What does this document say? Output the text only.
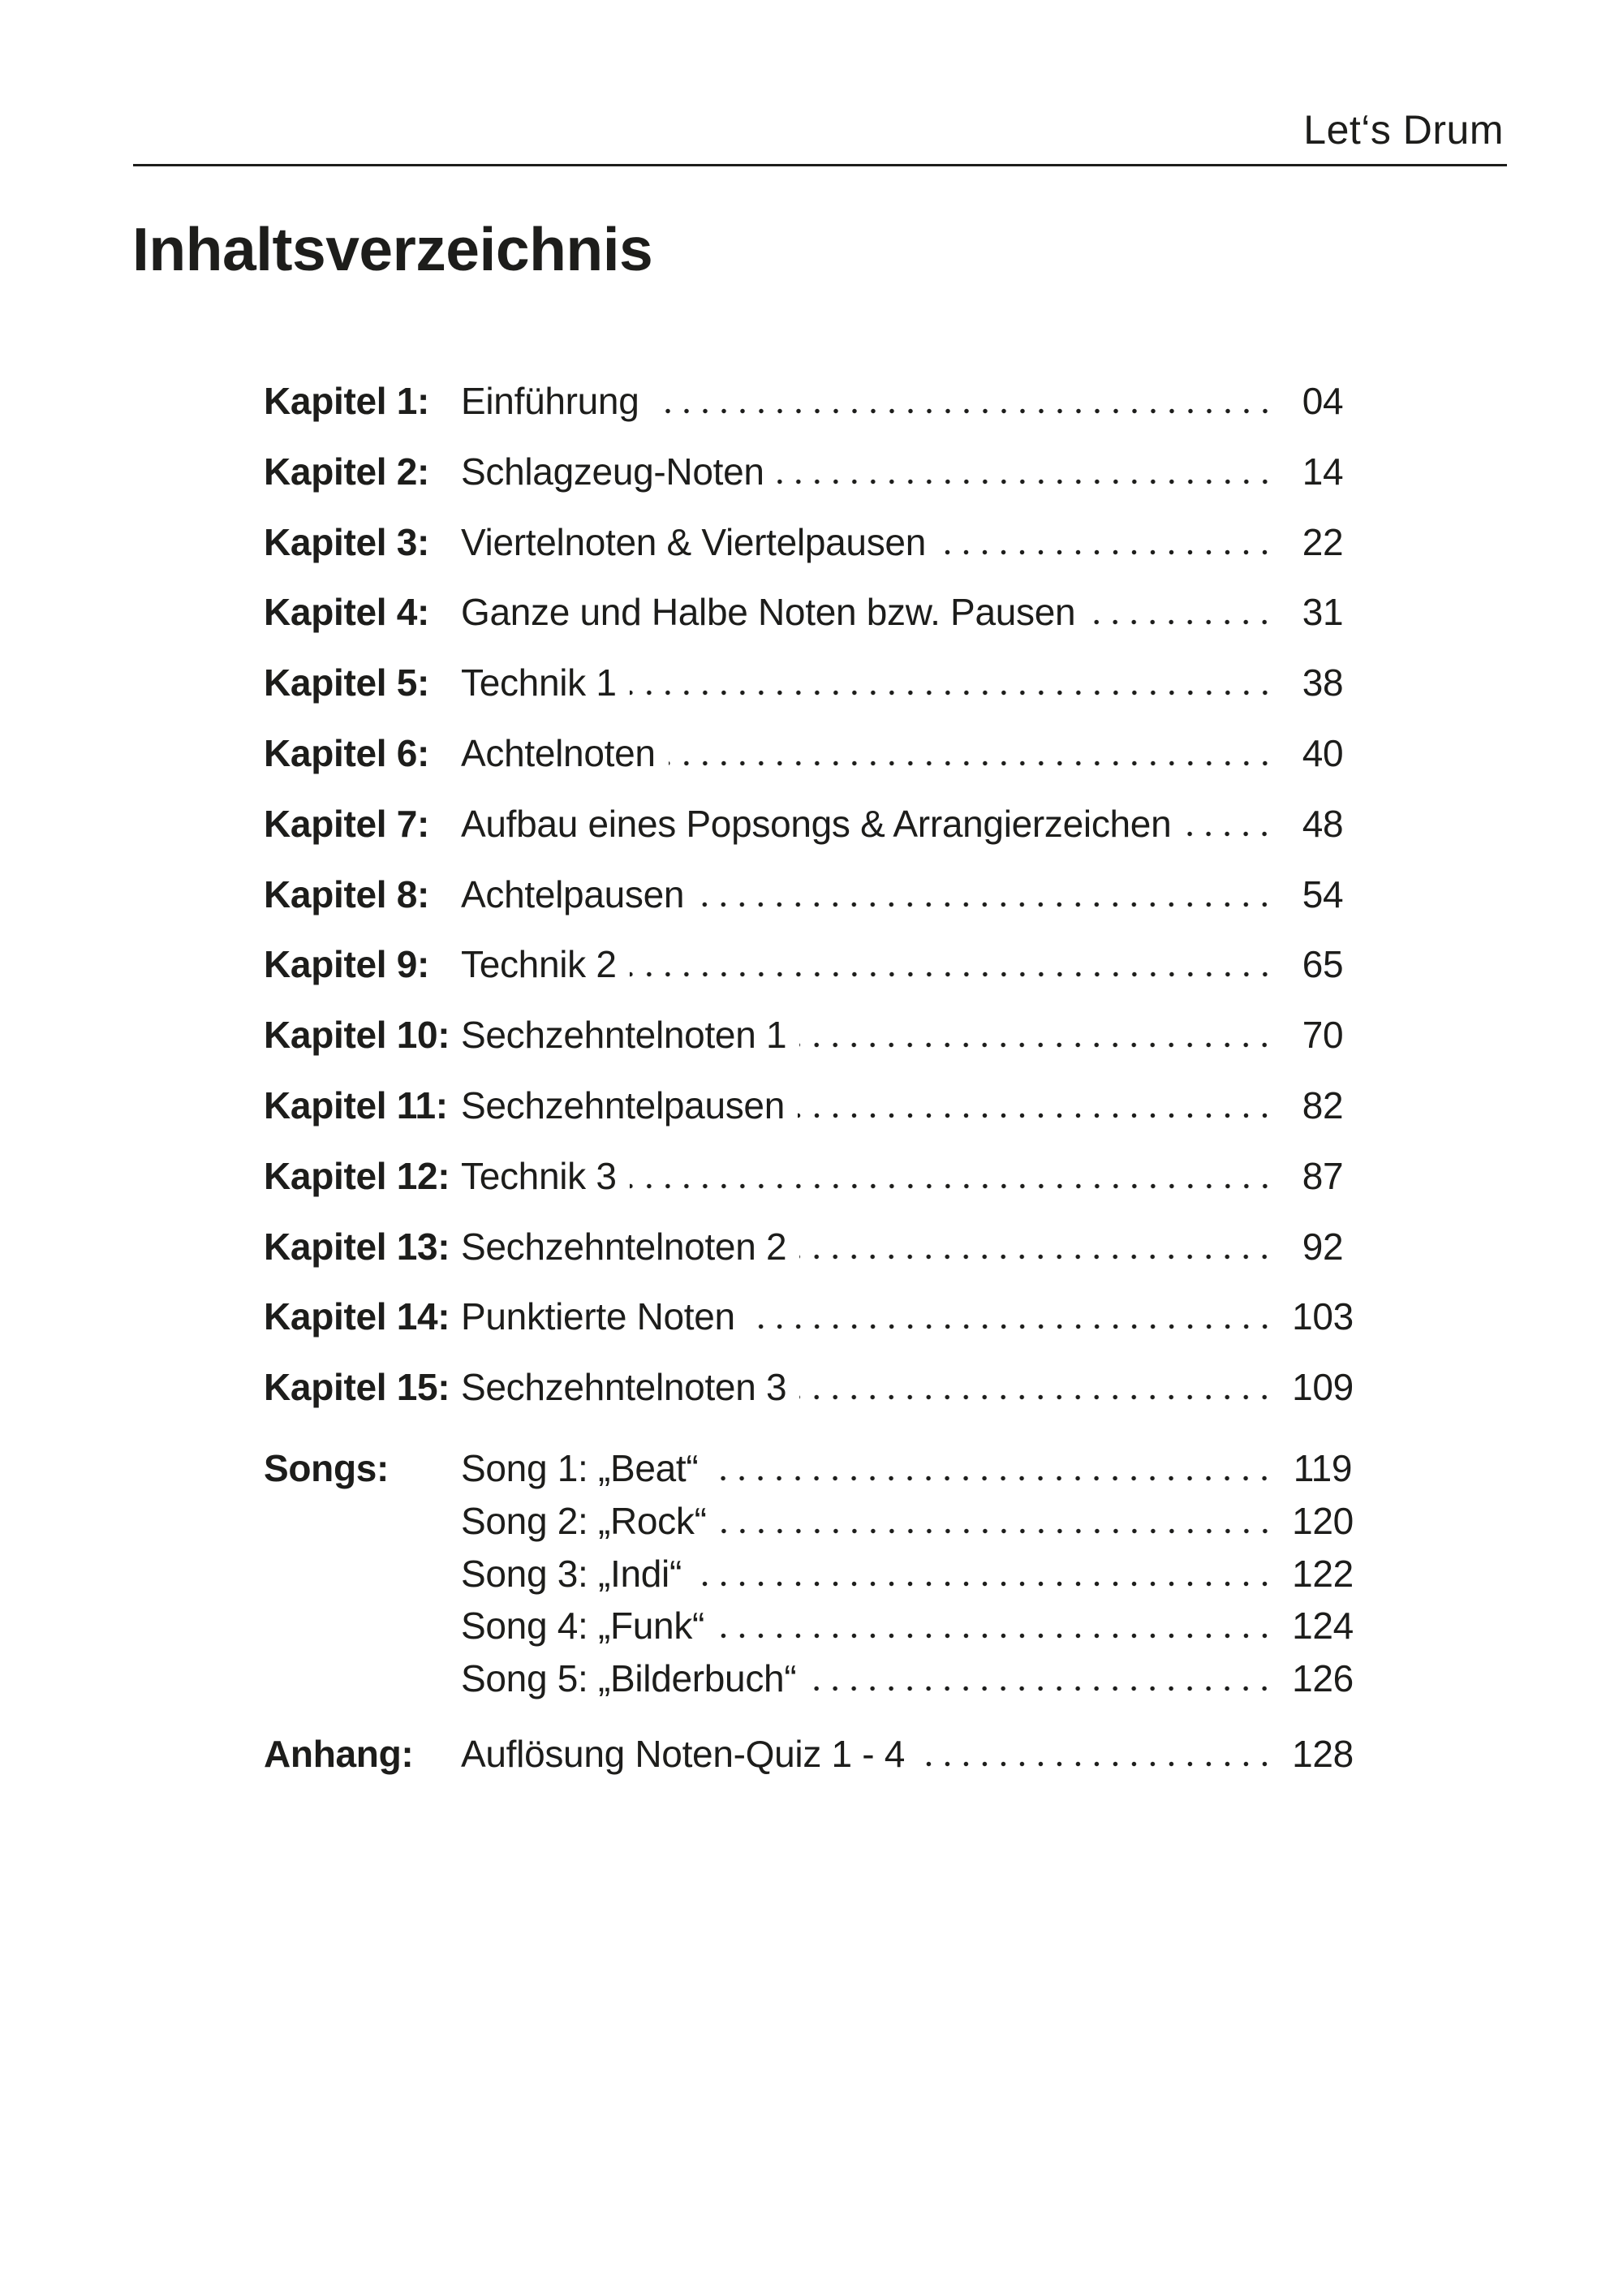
Let‘s Drum
Inhaltsverzeichnis
Kapitel 1: Einführung	04
Kapitel 2: Schlagzeug-Noten	14
Kapitel 3: Viertelnoten & Viertelpausen	22
Kapitel 4: Ganze und Halbe Noten bzw. Pausen	31
Kapitel 5: Technik 1	38
Kapitel 6: Achtelnoten	40
Kapitel 7: Aufbau eines Popsongs & Arrangierzeichen	48
Kapitel 8: Achtelpausen	54
Kapitel 9: Technik 2	65
Kapitel 10: Sechzehntelnoten 1	70
Kapitel 11: Sechzehntelpausen	82
Kapitel 12: Technik 3	87
Kapitel 13: Sechzehntelnoten 2	92
Kapitel 14: Punktierte Noten	103
Kapitel 15: Sechzehntelnoten 3	109
Songs:	Song 1: „Beat“	119
Song 2: „Rock“	120
Song 3: „Indi“	122
Song 4: „Funk“	124
Song 5: „Bilderbuch“	126
Anhang:	Auflösung Noten-Quiz 1 - 4	128
